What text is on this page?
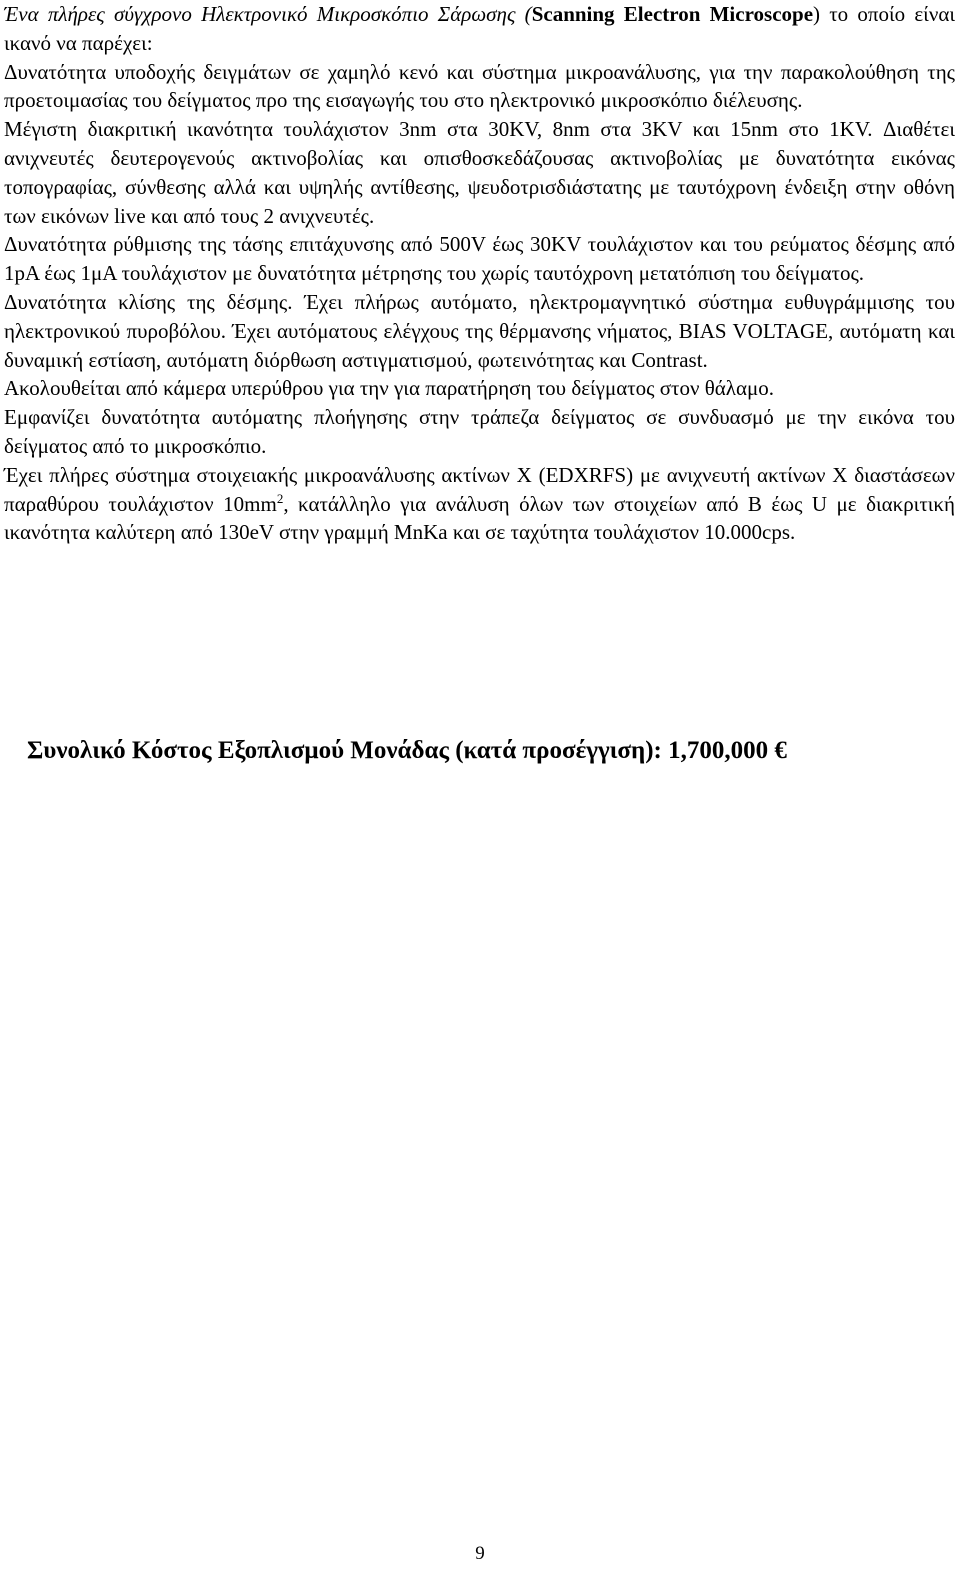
Ένα πλήρες σύγχρονο Ηλεκτρονικό Μικροσκόπιο Σάρωσης (Scanning Electron Microscope) το οποίο είναι ικανό να παρέχει:

Δυνατότητα υποδοχής δειγμάτων σε χαμηλό κενό και σύστημα μικροανάλυσης, για την παρακολούθηση της προετοιμασίας του δείγματος προ της εισαγωγής του στο ηλεκτρονικό μικροσκόπιο διέλευσης.

Μέγιστη διακριτική ικανότητα τουλάχιστον 3nm στα 30KV, 8nm στα 3KV και 15nm στο 1KV. Διαθέτει ανιχνευτές δευτερογενούς ακτινοβολίας και οπισθοσκεδάζουσας ακτινοβολίας με δυνατότητα εικόνας τοπογραφίας, σύνθεσης αλλά και υψηλής αντίθεσης, ψευδοτρισδιάστατης με ταυτόχρονη ένδειξη στην οθόνη των εικόνων live και από τους 2 ανιχνευτές.

Δυνατότητα ρύθμισης της τάσης επιτάχυνσης από 500V έως 30KV τουλάχιστον και του ρεύματος δέσμης από 1pA έως 1μA τουλάχιστον με δυνατότητα μέτρησης του χωρίς ταυτόχρονη μετατόπιση του δείγματος.

Δυνατότητα κλίσης της δέσμης. Έχει πλήρως αυτόματο, ηλεκτρομαγνητικό σύστημα ευθυγράμμισης του ηλεκτρονικού πυροβόλου. Έχει αυτόματους ελέγχους της θέρμανσης νήματος, BIAS VOLTAGE, αυτόματη και δυναμική εστίαση, αυτόματη διόρθωση αστιγματισμού, φωτεινότητας και Contrast.

Ακολουθείται από κάμερα υπερύθρου για την για παρατήρηση του δείγματος στον θάλαμο.

Εμφανίζει δυνατότητα αυτόματης πλοήγησης στην τράπεζα δείγματος σε συνδυασμό με την εικόνα του δείγματος από το μικροσκόπιο.

Έχει πλήρες σύστημα στοιχειακής μικροανάλυσης ακτίνων Χ (EDXRFS) με ανιχνευτή ακτίνων Χ διαστάσεων παραθύρου τουλάχιστον $10mm^2$, κατάλληλο για ανάλυση όλων των στοιχείων από Β έως U με διακριτική ικανότητα καλύτερη από 130eV στην γραμμή MnKa και σε ταχύτητα τουλάχιστον 10.000cps.

Συνολικό Κόστος Εξοπλισμού Μονάδας (κατά προσέγγιση): 1,700,000 €

9
